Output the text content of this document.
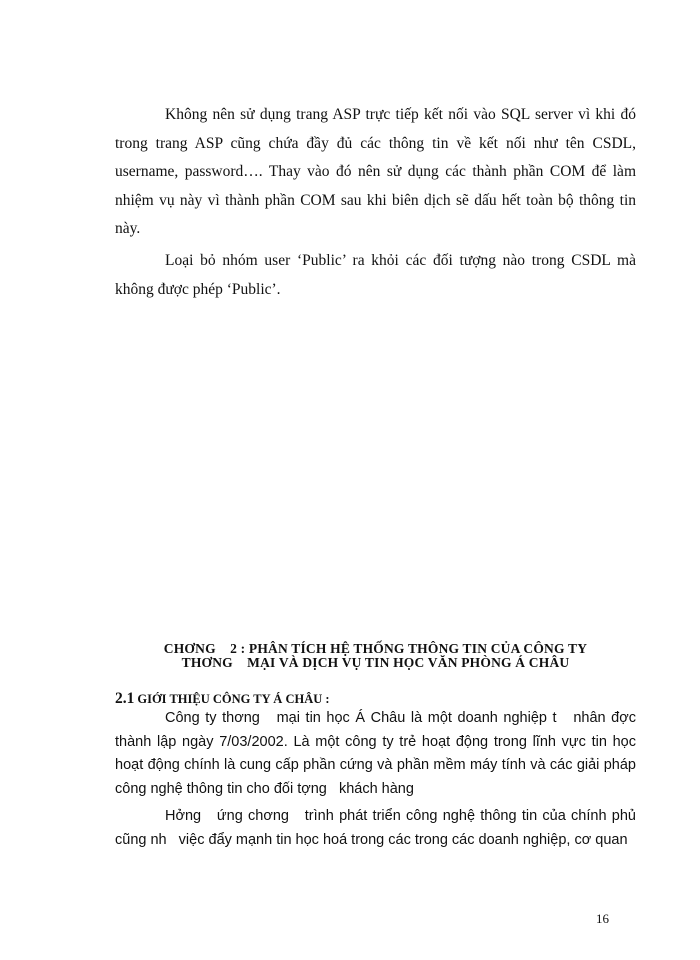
Không nên sử dụng trang ASP trực tiếp kết nối vào SQL server vì khi đó trong trang ASP cũng chứa đầy đủ các thông tin về kết nối như tên CSDL, username, password…. Thay vào đó nên sử dụng các thành phần COM để làm nhiệm vụ này vì thành phần COM sau khi biên dịch sẽ dấu hết toàn bộ thông tin này.

Loại bỏ nhóm user ‘Public’ ra khỏi các đối tượng nào trong CSDL mà không được phép ‘Public’.

CHƠNG    2 : PHÂN TÍCH HỆ THỐNG THÔNG TIN CỦA CÔNG TY
THƠNG    MẠI VÀ DỊCH VỤ TIN HỌC VĂN PHÒNG Á CHÂU

2.1 GIỚI THIỆU CÔNG TY Á CHÂU :

Công ty thơng   mại tin học Á Châu là một doanh nghiệp t   nhân đợc thành lập ngày 7/03/2002. Là một công ty trẻ hoạt động trong lĩnh vực tin học hoạt động chính là cung cấp phần cứng và phần mềm máy tính và các giải pháp công nghệ thông tin cho đối tợng   khách hàng

Hởng   ứng chơng   trình phát triển công nghệ thông tin của chính phủ cũng nh   việc đẩy mạnh tin học hoá trong các trong các doanh nghiệp, cơ quan

16
